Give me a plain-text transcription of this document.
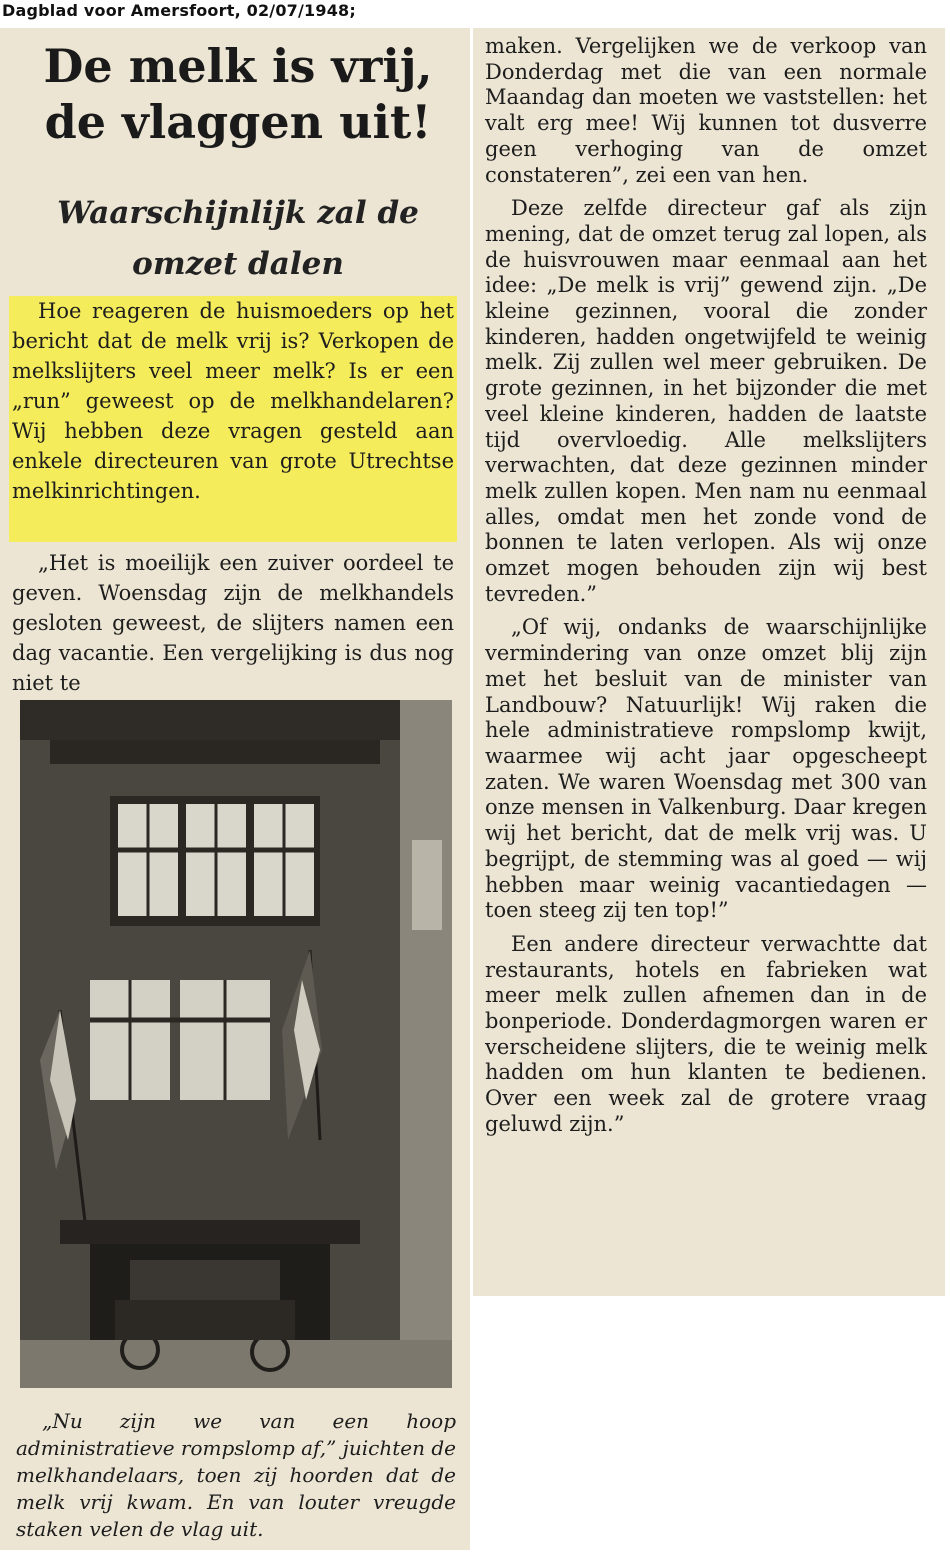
Dagblad voor Amersfoort, 02/07/1948;
De melk is vrij,
de vlaggen uit!
Waarschijnlijk zal de
omzet dalen

Hoe reageren de huismoeders op het bericht dat de melk vrij is? Verkopen de melkslijters veel meer melk? Is er een „run” geweest op de melkhandelaren? Wij hebben deze vragen gesteld aan enkele directeuren van grote Utrechtse melkinrichtingen.

„Het is moeilijk een zuiver oordeel te geven. Woensdag zijn de melkhandels gesloten geweest, de slijters namen een dag vacantie. Een vergelijking is dus nog niet te

„Nu zijn we van een hoop administratieve rompslomp af,” juichten de melkhandelaars, toen zij hoorden dat de melk vrij kwam. En van louter vreugde staken velen de vlag uit.

maken. Vergelijken we de verkoop van Donderdag met die van een normale Maandag dan moeten we vaststellen: het valt erg mee! Wij kunnen tot dusverre geen verhoging van de omzet constateren”, zei een van hen.

Deze zelfde directeur gaf als zijn mening, dat de omzet terug zal lopen, als de huisvrouwen maar eenmaal aan het idee: „De melk is vrij” gewend zijn. „De kleine gezinnen, vooral die zonder kinderen, hadden ongetwijfeld te weinig melk. Zij zullen wel meer gebruiken. De grote gezinnen, in het bijzonder die met veel kleine kinderen, hadden de laatste tijd overvloedig. Alle melkslijters verwachten, dat deze gezinnen minder melk zullen kopen. Men nam nu eenmaal alles, omdat men het zonde vond de bonnen te laten verlopen. Als wij onze omzet mogen behouden zijn wij best tevreden.”

„Of wij, ondanks de waarschijnlijke vermindering van onze omzet blij zijn met het besluit van de minister van Landbouw? Natuurlijk! Wij raken die hele administratieve rompslomp kwijt, waarmee wij acht jaar opgescheept zaten. We waren Woensdag met 300 van onze mensen in Valkenburg. Daar kregen wij het bericht, dat de melk vrij was. U begrijpt, de stemming was al goed — wij hebben maar weinig vacantiedagen — toen steeg zij ten top!”

Een andere directeur verwachtte dat restaurants, hotels en fabrieken wat meer melk zullen afnemen dan in de bonperiode. Donderdagmorgen waren er verscheidene slijters, die te weinig melk hadden om hun klanten te bedienen. Over een week zal de grotere vraag geluwd zijn.”
